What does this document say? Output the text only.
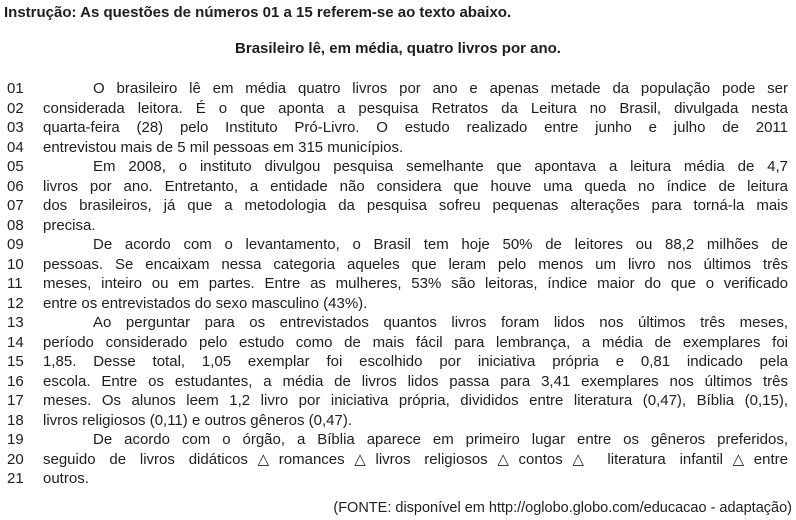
Instrução: As questões de números 01 a 15 referem-se ao texto abaixo.
Brasileiro lê, em média, quatro livros por ano.
01	O brasileiro lê em média quatro livros por ano e apenas metade da população pode ser
02	considerada leitora. É o que aponta a pesquisa Retratos da Leitura no Brasil, divulgada nesta
03	quarta-feira (28) pelo Instituto Pró-Livro. O estudo realizado entre junho e julho de 2011
04	entrevistou mais de 5 mil pessoas em 315 municípios.
05	Em 2008, o instituto divulgou pesquisa semelhante que apontava a leitura média de 4,7
06	livros por ano. Entretanto, a entidade não considera que houve uma queda no índice de leitura
07	dos brasileiros, já que a metodologia da pesquisa sofreu pequenas alterações para torná-la mais
08	precisa.
09	De acordo com o levantamento, o Brasil tem hoje 50% de leitores ou 88,2 milhões de
10	pessoas. Se encaixam nessa categoria aqueles que leram pelo menos um livro nos últimos três
11	meses, inteiro ou em partes. Entre as mulheres, 53% são leitoras, índice maior do que o verificado
12	entre os entrevistados do sexo masculino (43%).
13	Ao perguntar para os entrevistados quantos livros foram lidos nos últimos três meses,
14	período considerado pelo estudo como de mais fácil para lembrança, a média de exemplares foi
15	1,85. Desse total, 1,05 exemplar foi escolhido por iniciativa própria e 0,81 indicado pela
16	escola. Entre os estudantes, a média de livros lidos passa para 3,41 exemplares nos últimos três
17	meses. Os alunos leem 1,2 livro por iniciativa própria, divididos entre literatura (0,47), Bíblia (0,15),
18	livros religiosos (0,11) e outros gêneros (0,47).
19	De acordo com o órgão, a Bíblia aparece em primeiro lugar entre os gêneros preferidos,
20	seguido de livros didáticos△romances△livros religiosos△contos△ literatura infantil△entre
21	outros.
(FONTE: disponível em http://oglobo.globo.com/educacao - adaptação)
